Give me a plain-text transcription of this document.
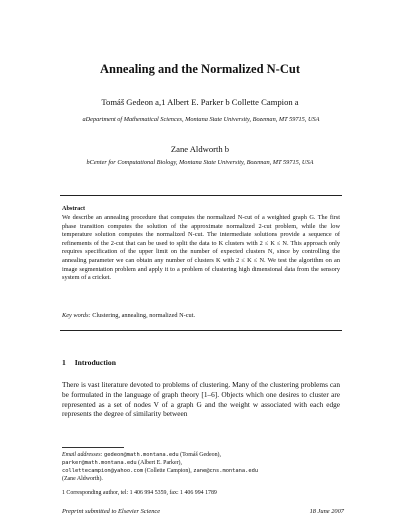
Annealing and the Normalized N-Cut
Tomáš Gedeon a,1 Albert E. Parker b Collette Campion a
aDepartment of Mathematical Sciences, Montana State University, Bozeman, MT 59715, USA
Zane Aldworth b
bCenter for Computational Biology, Montana State University, Bozeman, MT 59715, USA
Abstract
We describe an annealing procedure that computes the normalized N-cut of a weighted graph G. The first phase transition computes the solution of the approximate normalized 2-cut problem, while the low temperature solution computes the normalized N-cut. The intermediate solutions provide a sequence of refinements of the 2-cut that can be used to split the data to K clusters with 2 ≤ K ≤ N. This approach only requires specification of the upper limit on the number of expected clusters N, since by controlling the annealing parameter we can obtain any number of clusters K with 2 ≤ K ≤ N. We test the algorithm on an image segmentation problem and apply it to a problem of clustering high dimensional data from the sensory system of a cricket.
Key words: Clustering, annealing, normalized N-cut.
1 Introduction
There is vast literature devoted to problems of clustering. Many of the clustering problems can be formulated in the language of graph theory [1–6]. Objects which one desires to cluster are represented as a set of nodes V of a graph G and the weight w associated with each edge represents the degree of similarity between
Email addresses: gedeon@math.montana.edu (Tomáš Gedeon),
parker@math.montana.edu (Albert E. Parker),
collettecampion@yahoo.com (Collette Campion), zane@cns.montana.edu
(Zane Aldworth).
1 Corresponding author, tel: 1 406 994 5359, fax: 1 406 994 1789
Preprint submitted to Elsevier Science	18 June 2007
